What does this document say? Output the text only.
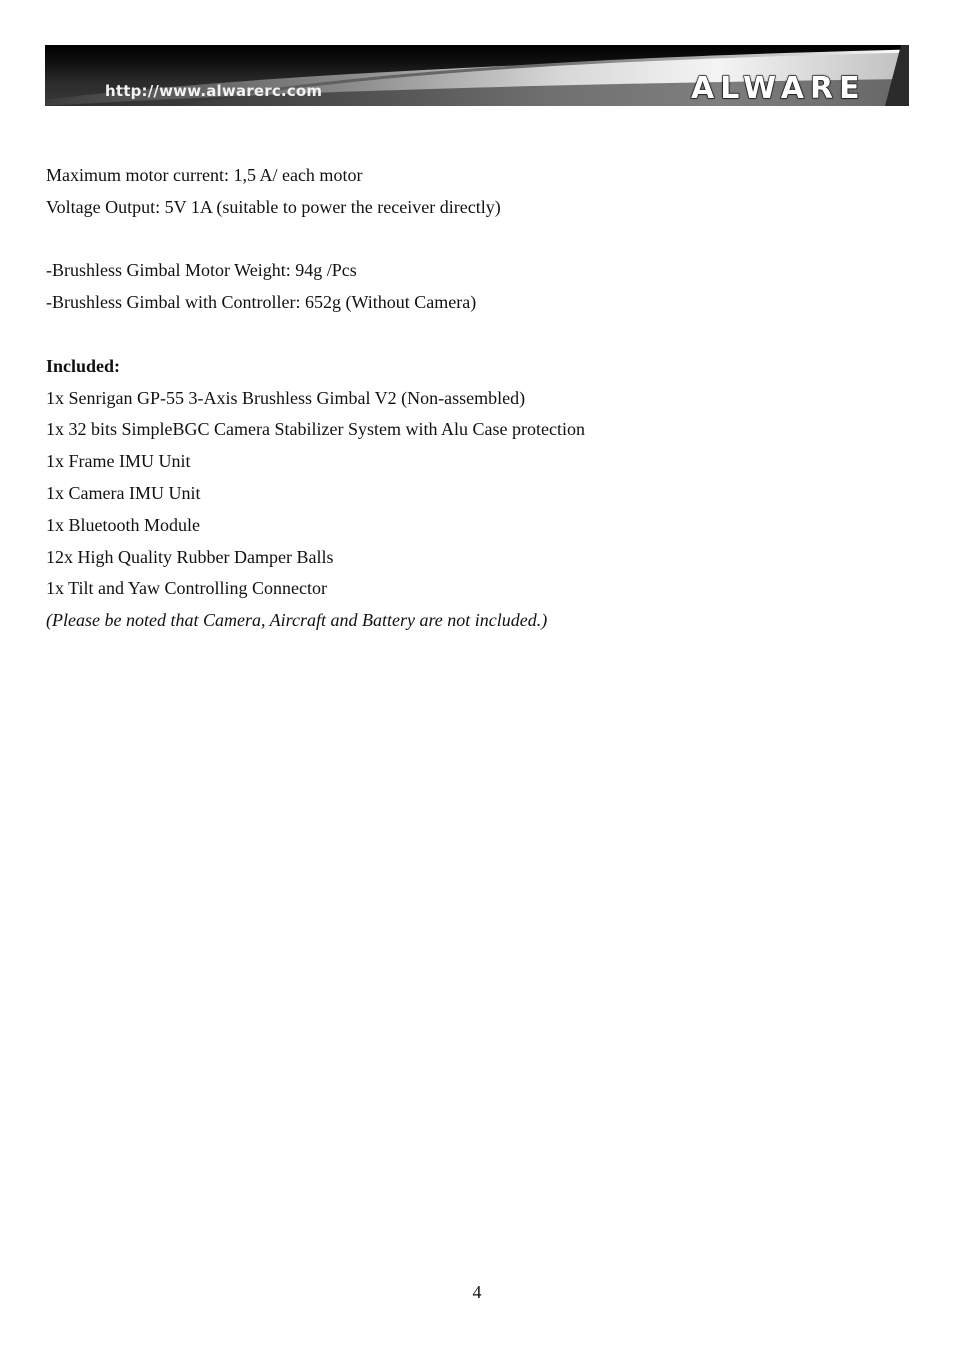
http://www.alwarerc.com	ALWARE
Maximum motor current: 1,5 A/ each motor
Voltage Output: 5V 1A (suitable to power the receiver directly)
-Brushless Gimbal Motor Weight: 94g /Pcs
-Brushless Gimbal with Controller: 652g (Without Camera)
Included:
1x Senrigan GP-55 3-Axis Brushless Gimbal V2 (Non-assembled)
1x 32 bits SimpleBGC Camera Stabilizer System with Alu Case protection
1x Frame IMU Unit
1x Camera IMU Unit
1x Bluetooth Module
12x High Quality Rubber Damper Balls
1x Tilt and Yaw Controlling Connector
(Please be noted that Camera, Aircraft and Battery are not included.)
4
